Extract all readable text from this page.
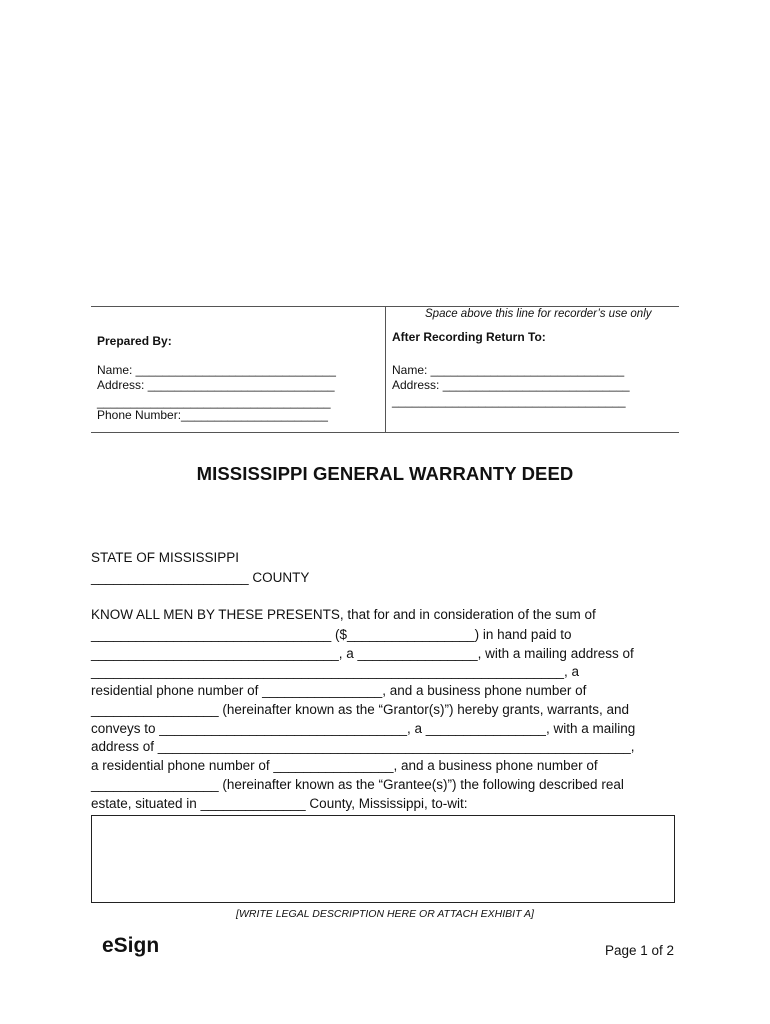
Space above this line for recorder’s use only
Prepared By:
Name: ______________________________
Address: ____________________________
___________________________________
Phone Number:______________________
After Recording Return To:
Name: _____________________________
Address: ____________________________
___________________________________
MISSISSIPPI GENERAL WARRANTY DEED
STATE OF MISSISSIPPI
_____________________ COUNTY
KNOW ALL MEN BY THESE PRESENTS, that for and in consideration of the sum of
________________________________ ($_________________) in hand paid to
_________________________________, a ________________, with a mailing address of
_______________________________________________________________, a
residential phone number of ________________, and a business phone number of
_________________ (hereinafter known as the “Grantor(s)”) hereby grants, warrants, and
conveys to _________________________________, a ________________, with a mailing
address of _______________________________________________________________,
a residential phone number of ________________, and a business phone number of
_________________ (hereinafter known as the “Grantee(s)”) the following described real
estate, situated in ______________ County, Mississippi, to-wit:
[WRITE LEGAL DESCRIPTION HERE OR ATTACH EXHIBIT A]
eSign	Page 1 of 2
